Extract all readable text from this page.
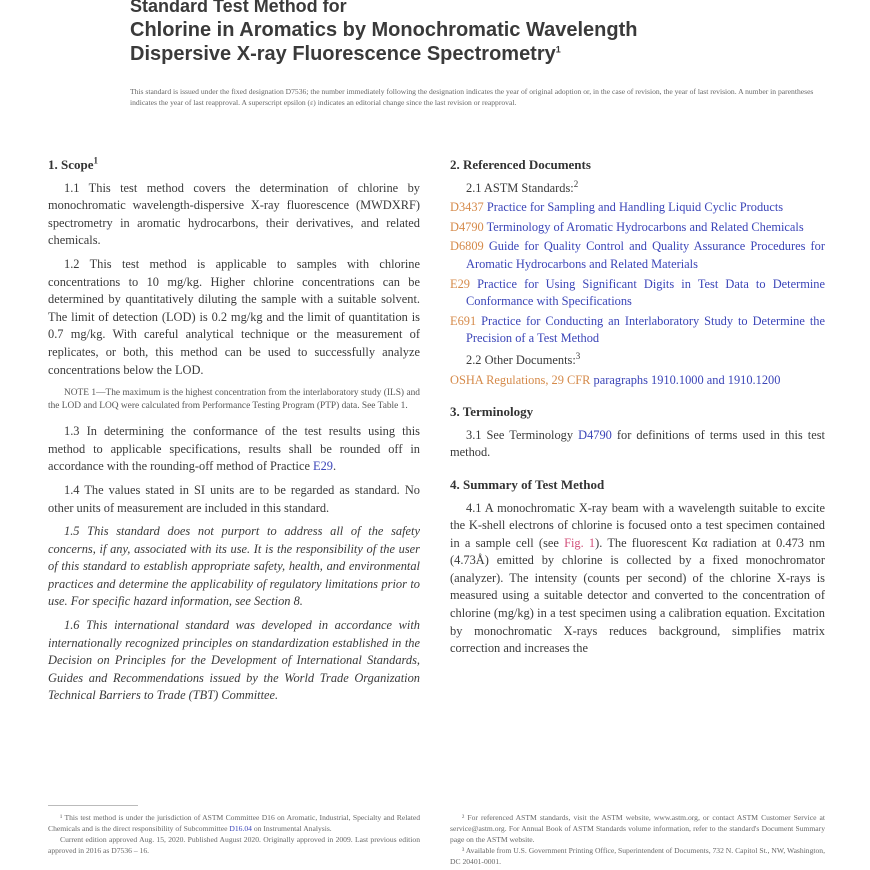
Standard Test Method for
Chlorine in Aromatics by Monochromatic Wavelength
Dispersive X-ray Fluorescence Spectrometry$^1$
This standard is issued under the fixed designation D7536; the number immediately following the designation indicates the year of original adoption or, in the case of revision, the year of last revision. A number in parentheses indicates the year of last reapproval. A superscript epsilon (ε) indicates an editorial change since the last revision or reapproval.
1. Scope$^1$

1.1 This test method covers the determination of chlorine by monochromatic wavelength-dispersive X-ray fluorescence (MWDXRF) spectrometry in aromatic hydrocarbons, their derivatives, and related chemicals.

1.2 This test method is applicable to samples with chlorine concentrations to 10 mg/kg. Higher chlorine concentrations can be determined by quantitatively diluting the sample with a suitable solvent. The limit of detection (LOD) is 0.2 mg/kg and the limit of quantitation is 0.7 mg/kg. With careful analytical technique or the measurement of replicates, or both, this method can be used to successfully analyze concentrations below the LOD.

NOTE 1—The maximum is the highest concentration from the interlaboratory study (ILS) and the LOD and LOQ were calculated from Performance Testing Program (PTP) data. See Table 1.

1.3 In determining the conformance of the test results using this method to applicable specifications, results shall be rounded off in accordance with the rounding-off method of Practice E29.

1.4 The values stated in SI units are to be regarded as standard. No other units of measurement are included in this standard.

1.5 This standard does not purport to address all of the safety concerns, if any, associated with its use. It is the responsibility of the user of this standard to establish appropriate safety, health, and environmental practices and determine the applicability of regulatory limitations prior to use. For specific hazard information, see Section 8.

1.6 This international standard was developed in accordance with internationally recognized principles on standardization established in the Decision on Principles for the Development of International Standards, Guides and Recommendations issued by the World Trade Organization Technical Barriers to Trade (TBT) Committee.

2. Referenced Documents
2.1 ASTM Standards:$^2$
D3437 Practice for Sampling and Handling Liquid Cyclic Products
D4790 Terminology of Aromatic Hydrocarbons and Related Chemicals
D6809 Guide for Quality Control and Quality Assurance Procedures for Aromatic Hydrocarbons and Related Materials
E29 Practice for Using Significant Digits in Test Data to Determine Conformance with Specifications
E691 Practice for Conducting an Interlaboratory Study to Determine the Precision of a Test Method
2.2 Other Documents:$^3$
OSHA Regulations, 29 CFR paragraphs 1910.1000 and 1910.1200
3. Terminology

3.1 See Terminology D4790 for definitions of terms used in this test method.

4. Summary of Test Method

4.1 A monochromatic X-ray beam with a wavelength suitable to excite the K-shell electrons of chlorine is focused onto a test specimen contained in a sample cell (see Fig. 1). The fluorescent Kα radiation at 0.473 nm (4.73Å) emitted by chlorine is collected by a fixed monochromator (analyzer). The intensity (counts per second) of the chlorine X-rays is measured using a suitable detector and converted to the concentration of chlorine (mg/kg) in a test specimen using a calibration equation. Excitation by monochromatic X-rays reduces background, simplifies matrix correction and increases the

¹ This test method is under the jurisdiction of ASTM Committee D16 on Aromatic, Industrial, Specialty and Related Chemicals and is the direct responsibility of Subcommittee D16.04 on Instrumental Analysis.

Current edition approved Aug. 15, 2020. Published August 2020. Originally approved in 2009. Last previous edition approved in 2016 as D7536 – 16.

² For referenced ASTM standards, visit the ASTM website, www.astm.org, or contact ASTM Customer Service at service@astm.org. For Annual Book of ASTM Standards volume information, refer to the standard's Document Summary page on the ASTM website.

³ Available from U.S. Government Printing Office, Superintendent of Documents, 732 N. Capitol St., NW, Washington, DC 20401-0001.
